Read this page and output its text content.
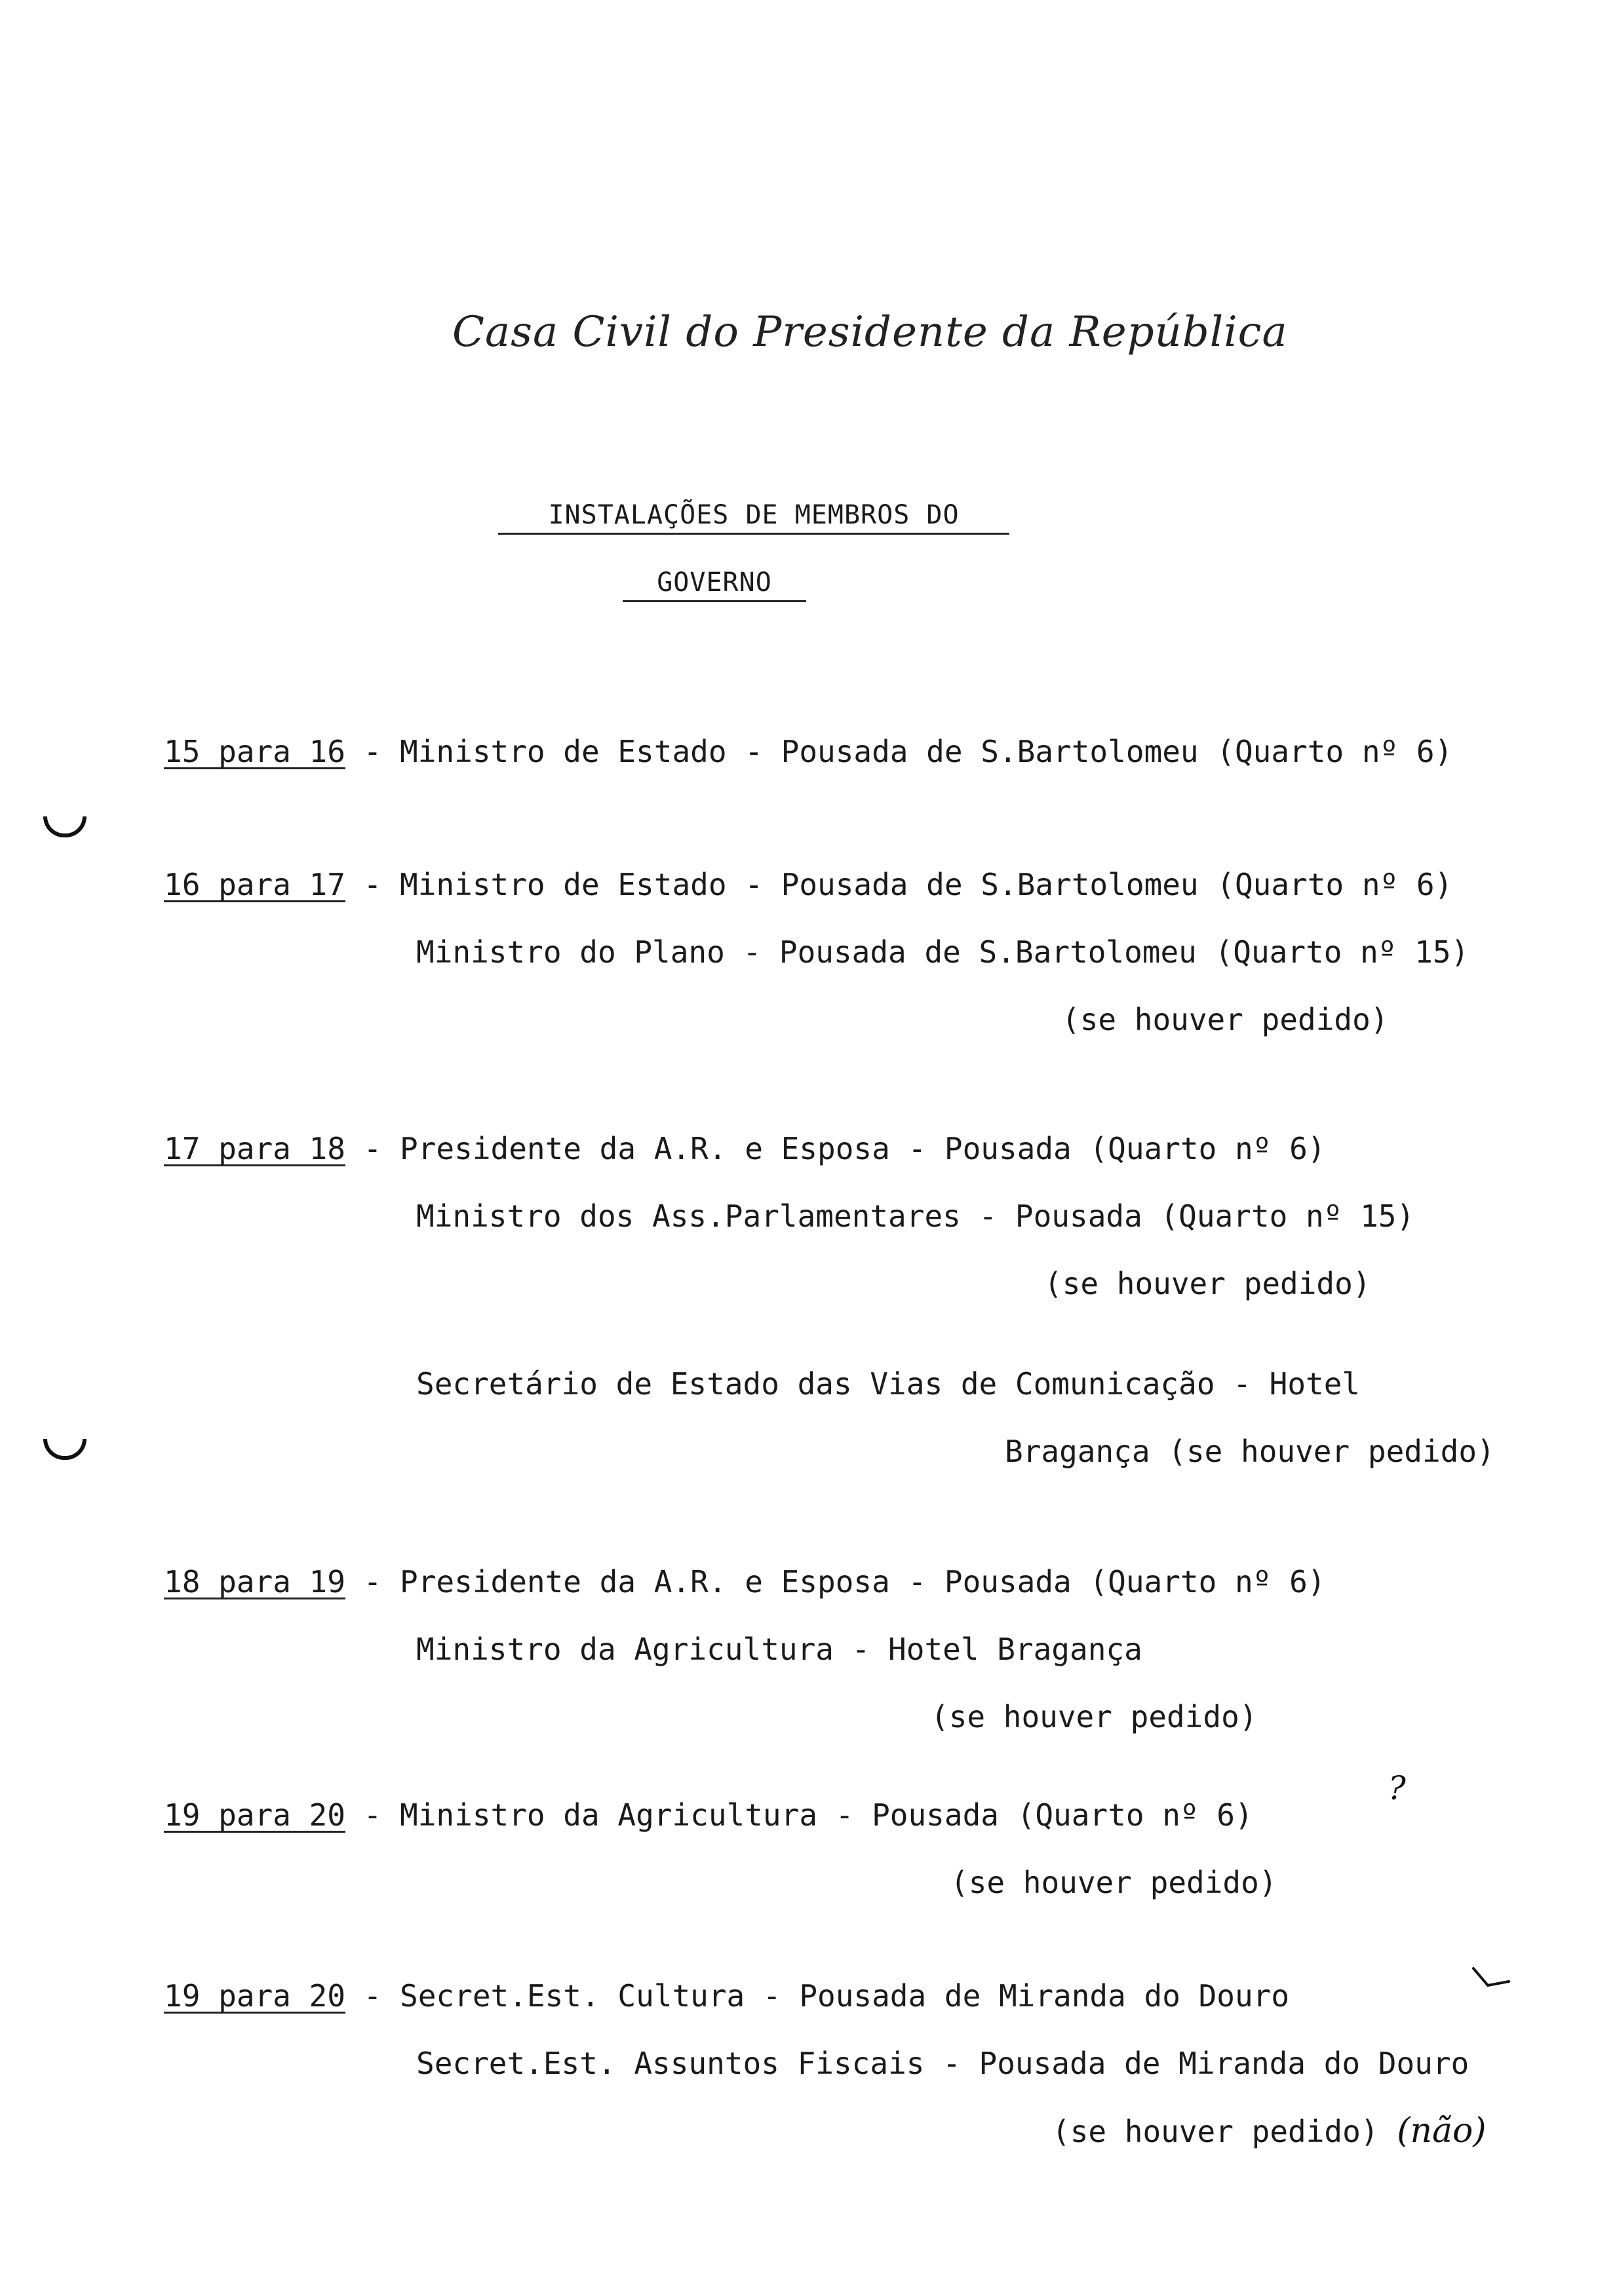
Casa Civil do Presidente da República
INSTALAÇÕES DE MEMBROS DO
GOVERNO
15 para 16 - Ministro de Estado - Pousada de S.Bartolomeu (Quarto nº 6)
16 para 17 - Ministro de Estado - Pousada de S.Bartolomeu (Quarto nº 6)
Ministro do Plano - Pousada de S.Bartolomeu (Quarto nº 15)
(se houver pedido)
17 para 18 - Presidente da A.R. e Esposa - Pousada (Quarto nº 6)
Ministro dos Ass.Parlamentares - Pousada (Quarto nº 15)
(se houver pedido)
Secretário de Estado das Vias de Comunicação - Hotel
Bragança (se houver pedido)
18 para 19 - Presidente da A.R. e Esposa - Pousada (Quarto nº 6)
Ministro da Agricultura - Hotel Bragança
(se houver pedido)
19 para 20 - Ministro da Agricultura - Pousada (Quarto nº 6)
(se houver pedido)
19 para 20 - Secret.Est. Cultura - Pousada de Miranda do Douro
Secret.Est. Assuntos Fiscais - Pousada de Miranda do Douro
(se houver pedido) (não)
?
